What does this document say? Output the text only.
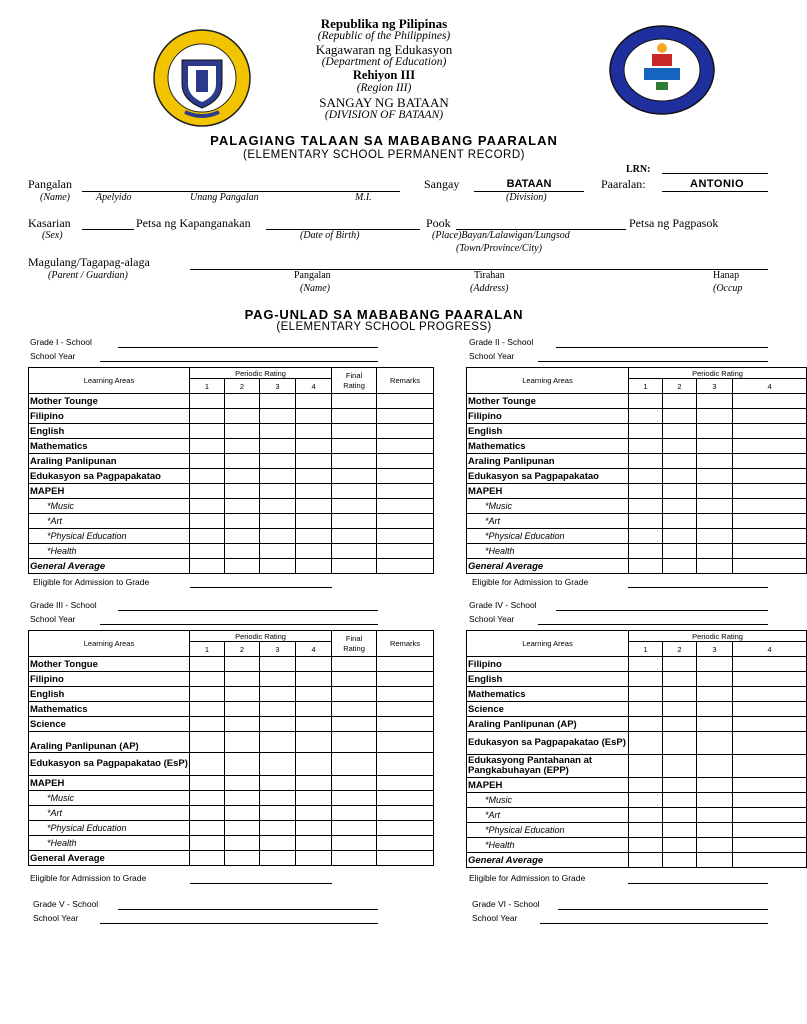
Republika ng Pilipinas
(Republic of the Philippines)
Kagawaran ng Edukasyon
(Department of Education)
Rehiyon III
(Region III)
SANGAY NG BATAAN
(DIVISION OF BATAAN)
PALAGIANG TALAAN SA MABABANG PAARALAN
(ELEMENTARY SCHOOL PERMANENT RECORD)
LRN:
Pangalan
(Name)	Apelyido	Unang Pangalan	M.I.
Sangay	BATAAN
(Division)
Paaralan:	ANTONIO
Kasarian
(Sex)
Petsa ng Kapanganakan
(Date of Birth)
Pook
(Place)Bayan/Lalawigan/Lungsod
(Town/Province/City)
Petsa ng Pagpasok
Magulang/Tagapag-alaga
(Parent / Guardian)	Pangalan
(Name)
Tirahan
(Address)
Hanap
(Occup
PAG-UNLAD SA MABABANG PAARALAN
(ELEMENTARY SCHOOL PROGRESS)
Grade I - School
School Year
Learning Areas	Periodic Rating				Final
Rating	Remarks
	1	2	3	4		
Mother Tounge						
Filipino						
English						
Mathematics						
Araling Panlipunan						
Edukasyon sa Pagpapakatao						
MAPEH						
*Music						
*Art						
*Physical Education						
*Health						
General Average						
Eligible for Admission to Grade
Grade II - School
School Year
Learning Areas	Periodic Rating			
	1	2	3	4
Mother Tounge				
Filipino				
English				
Mathematics				
Araling Panlipunan				
Edukasyon sa Pagpapakatao				
MAPEH				
*Music				
*Art				
*Physical Education				
*Health				
General Average				
Eligible for Admission to Grade
Grade III - School
School Year
Learning Areas	Periodic Rating				Final
Rating	Remarks
	1	2	3	4		
Mother Tongue						
Filipino						
English						
Mathematics						
Science						
Araling Panlipunan (AP)						
Edukasyon sa Pagpapakatao (EsP)						
MAPEH						
*Music						
*Art						
*Physical Education						
*Health						
General Average						
Eligible for Admission to Grade
Grade IV - School
School Year
Learning Areas	Periodic Rating			
	1	2	3	4
Filipino				
English				
Mathematics				
Science				
Araling Panlipunan (AP)				
Edukasyon sa Pagpapakatao (EsP)				
Edukasyong Pantahanan at Pangkabuhayan (EPP)				
MAPEH				
*Music				
*Art				
*Physical Education				
*Health				
General Average				
Eligible for Admission to Grade
Grade V - School
School Year
Grade VI - School
School Year
